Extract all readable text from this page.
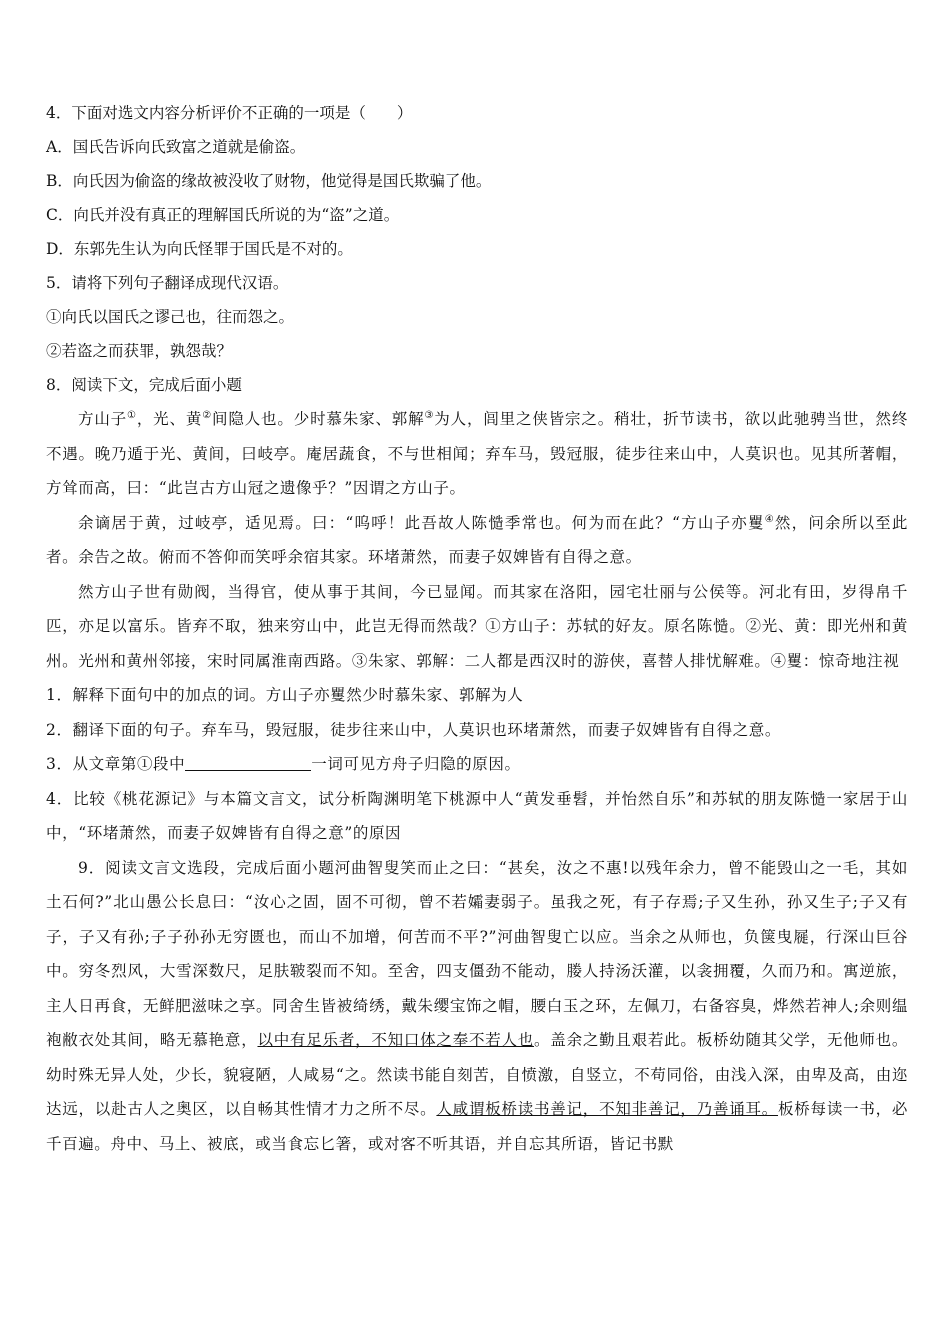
4．下面对选文内容分析评价不正确的一项是（　　）
A．国氏告诉向氏致富之道就是偷盗。
B．向氏因为偷盗的缘故被没收了财物，他觉得是国氏欺骗了他。
C．向氏并没有真正的理解国氏所说的为“盗”之道。
D．东郭先生认为向氏怪罪于国氏是不对的。
5．请将下列句子翻译成现代汉语。
①向氏以国氏之谬己也，往而怨之。
②若盗之而获罪，孰怨哉？
8．阅读下文，完成后面小题

方山子①，光、黄②间隐人也。少时慕朱家、郭解③为人，闾里之侠皆宗之。稍壮，折节读书，欲以此驰骋当世，然终不遇。晚乃遁于光、黄间，曰岐亭。庵居蔬食，不与世相闻；弃车马，毁冠服，徒步往来山中，人莫识也。见其所著帽，方耸而高，曰：“此岂古方山冠之遗像乎？”因谓之方山子。

余谪居于黄，过岐亭，适见焉。曰：“呜呼！此吾故人陈慥季常也。何为而在此？“方山子亦矍④然，问余所以至此者。余告之故。俯而不答仰而笑呼余宿其家。环堵萧然，而妻子奴婢皆有自得之意。

然方山子世有勋阀，当得官，使从事于其间，今已显闻。而其家在洛阳，园宅壮丽与公侯等。河北有田，岁得帛千匹，亦足以富乐。皆弃不取，独来穷山中，此岂无得而然哉？①方山子：苏轼的好友。原名陈慥。②光、黄：即光州和黄州。光州和黄州邻接，宋时同属淮南西路。③朱家、郭解：二人都是西汉时的游侠，喜替人排忧解难。④矍：惊奇地注视

1．解释下面句中的加点的词。方山子亦矍然少时慕朱家、郭解为人

2．翻译下面的句子。弃车马，毁冠服，徒步往来山中，人莫识也环堵萧然，而妻子奴婢皆有自得之意。

3．从文章第①段中	一词可见方舟子归隐的原因。

4．比较《桃花源记》与本篇文言文，试分析陶渊明笔下桃源中人“黄发垂髫，并怡然自乐”和苏轼的朋友陈慥一家居于山中，“环堵萧然，而妻子奴婢皆有自得之意”的原因

9．阅读文言文选段，完成后面小题河曲智叟笑而止之曰：“甚矣，汝之不惠!以残年余力，曾不能毁山之一毛，其如土石何?”北山愚公长息曰：“汝心之固，固不可彻，曾不若孀妻弱子。虽我之死，有子存焉;子又生孙，孙又生子;子又有子，子又有孙;子子孙孙无穷匮也，而山不加增，何苦而不平?”河曲智叟亡以应。当余之从师也，负箧曳屣，行深山巨谷中。穷冬烈风，大雪深数尺，足肤皲裂而不知。至舍，四支僵劲不能动，媵人持汤沃灌，以衾拥覆，久而乃和。寓逆旅，主人日再食，无鲜肥滋味之享。同舍生皆被绮绣，戴朱缨宝饰之帽，腰白玉之环，左佩刀，右备容臭，烨然若神人;余则缊袍敝衣处其间，略无慕艳意，以中有足乐者，不知口体之奉不若人也。盖余之勤且艰若此。板桥幼随其父学，无他师也。幼时殊无异人处，少长，貌寝陋，人咸易“之。然读书能自刻苦，自愤激，自竖立，不苟同俗，由浅入深，由卑及高，由迩达远，以赴古人之奥区，以自畅其性情才力之所不尽。人咸谓板桥读书善记，不知非善记，乃善诵耳。板桥每读一书，必千百遍。舟中、马上、被底，或当食忘匕箸，或对客不听其语，并自忘其所语，皆记书默
